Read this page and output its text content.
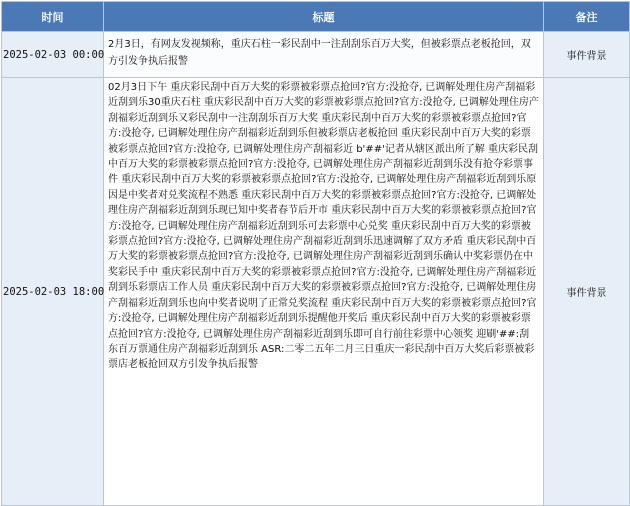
时间	标题	备注
2025-02-03 00:00	2月3日，有网友发视频称，重庆石柱一彩民刮中一注刮刮乐百万大奖，但被彩票点老板抢回，双方引发争执后报警	事件背景
2025-02-03 18:00	02月3日下午 重庆彩民刮中百万大奖的彩票被彩票点抢回?官方:没抢夺, 已调解处理住房产刮福彩近刮到乐30重庆石柱 重庆彩民刮中百万大奖的彩票被彩票点抢回?官方:没抢夺, 已调解处理住房产刮福彩近刮到乐又彩民刮中一注刮刮乐百万大奖 重庆彩民刮中百万大奖的彩票被彩票点抢回?官方:没抢夺, 已调解处理住房产刮福彩近刮到乐但被彩票店老板抢回 重庆彩民刮中百万大奖的彩票被彩票点抢回?官方:没抢夺, 已调解处理住房产刮福彩近 b'##'记者从辖区派出所了解 重庆彩民刮中百万大奖的彩票被彩票点抢回?官方:没抢夺, 已调解处理住房产刮福彩近刮到乐没有抢夺彩票事件 重庆彩民刮中百万大奖的彩票被彩票点抢回?官方:没抢夺, 已调解处理住房产刮福彩近刮到乐原因是中奖者对兑奖流程不熟悉 重庆彩民刮中百万大奖的彩票被彩票点抢回?官方:没抢夺, 已调解处理住房产刮福彩近刮到乐现已知中奖者春节后开市 重庆彩民刮中百万大奖的彩票被彩票点抢回?官方:没抢夺, 已调解处理住房产刮福彩近刮到乐可去彩票中心兑奖 重庆彩民刮中百万大奖的彩票被彩票点抢回?官方:没抢夺, 已调解处理住房产刮福彩近刮到乐迅速调解了双方矛盾 重庆彩民刮中百万大奖的彩票被彩票点抢回?官方:没抢夺, 已调解处理住房产刮福彩近刮到乐确认中奖彩票仍在中奖彩民手中 重庆彩民刮中百万大奖的彩票被彩票点抢回?官方:没抢夺, 已调解处理住房产刮福彩近刮到乐彩票店工作人员 重庆彩民刮中百万大奖的彩票被彩票点抢回?官方:没抢夺, 已调解处理住房产刮福彩近刮到乐也向中奖者说明了正常兑奖流程 重庆彩民刮中百万大奖的彩票被彩票点抢回?官方:没抢夺, 已调解处理住房产刮福彩近刮到乐提醒他开奖后 重庆彩民刮中百万大奖的彩票被彩票点抢回?官方:没抢夺, 已调解处理住房产刮福彩近刮到乐即可自行前往彩票中心领奖 迎刷'##:刮东百万票通住房产刮福彩近刮到乐 ASR:二零二五年二月三日重庆一彩民刮中百万大奖后彩票被彩票店老板抢回双方引发争执后报警	事件背景
